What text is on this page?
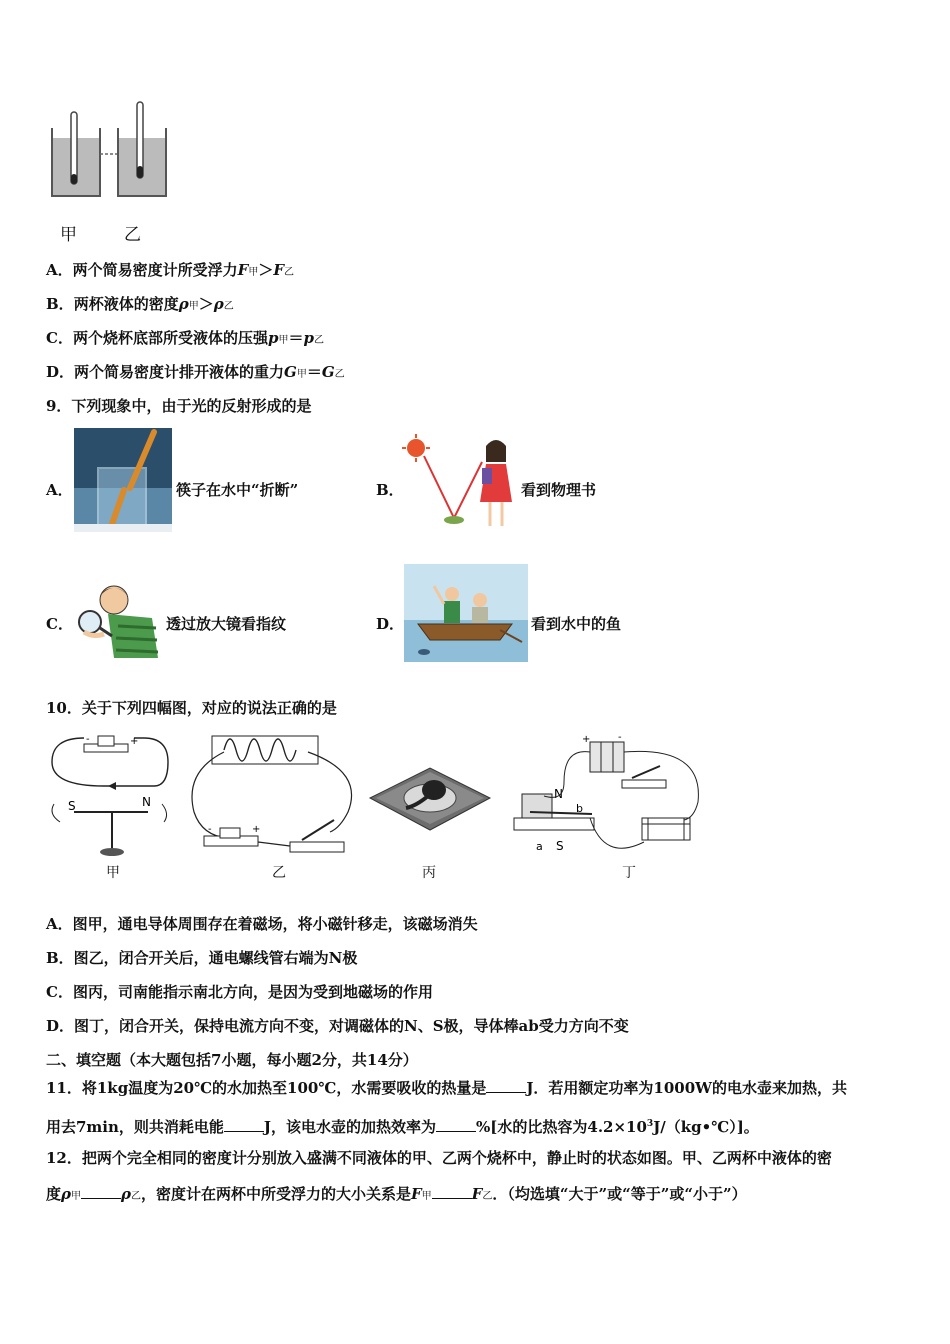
甲	乙
A．两个简易密度计所受浮力F甲＞F乙
B．两杯液体的密度ρ甲＞ρ乙
C．两个烧杯底部所受液体的压强p甲＝p乙
D．两个简易密度计排开液体的重力G甲＝G乙
9．下列现象中，由于光的反射形成的是
A．	筷子在水中“折断”	B．	看到物理书
C．	透过放大镜看指纹	D．	看到水中的鱼
10．关于下列四幅图，对应的说法正确的是
-	+
S	N
-	+
+	-
N
b
a S
甲	乙	丙	丁
A．图甲，通电导体周围存在着磁场，将小磁针移走，该磁场消失
B．图乙，闭合开关后，通电螺线管右端为N极
C．图丙，司南能指示南北方向，是因为受到地磁场的作用
D．图丁，闭合开关，保持电流方向不变，对调磁体的N、S极，导体棒ab受力方向不变
二、填空题（本大题包括7小题，每小题2分，共14分）
11．将1kg温度为20℃的水加热至100℃，水需要吸收的热量是	J．若用额定功率为1000W的电水壶来加热，共
用去7min，则共消耗电能	J，该电水壶的加热效率为	%[水的比热容为$4.2\times 10^3J/(kg•℃)$]。
12．把两个完全相同的密度计分别放入盛满不同液体的甲、乙两个烧杯中，静止时的状态如图。甲、乙两杯中液体的密
度ρ甲	ρ乙，密度计在两杯中所受浮力的大小关系是F甲	F乙．（均选填“大于”或“等于”或“小于”）
